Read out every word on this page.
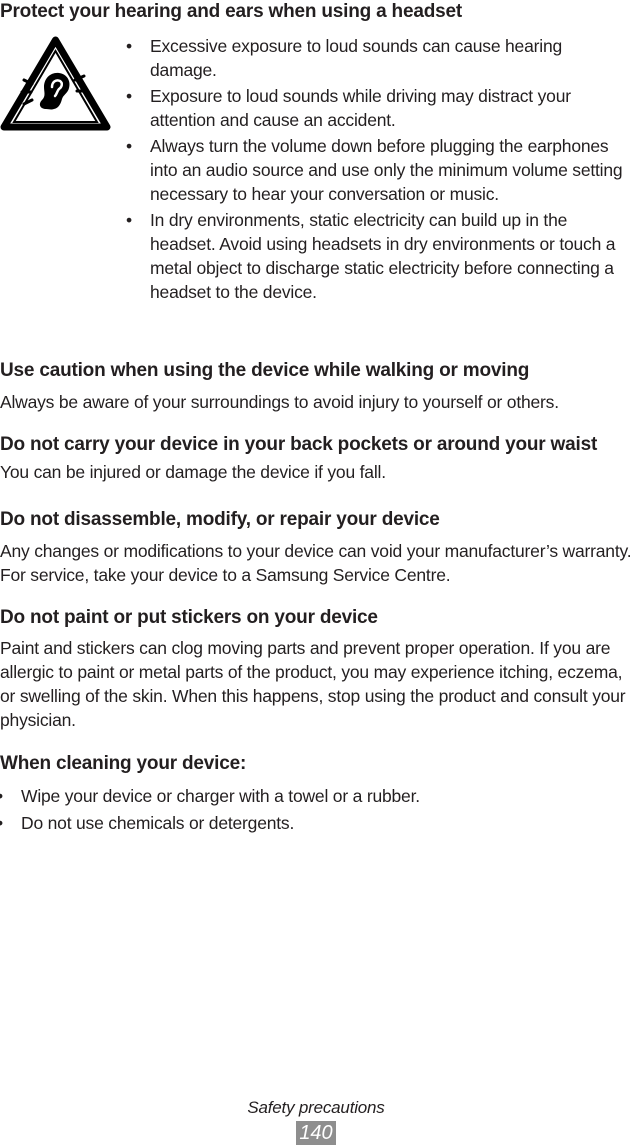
Protect your hearing and ears when using a headset
• Excessive exposure to loud sounds can cause hearing damage.
• Exposure to loud sounds while driving may distract your attention and cause an accident.
• Always turn the volume down before plugging the earphones into an audio source and use only the minimum volume setting necessary to hear your conversation or music.
• In dry environments, static electricity can build up in the headset. Avoid using headsets in dry environments or touch a metal object to discharge static electricity before connecting a headset to the device.
Use caution when using the device while walking or moving

Always be aware of your surroundings to avoid injury to yourself or others.

Do not carry your device in your back pockets or around your waist

You can be injured or damage the device if you fall.

Do not disassemble, modify, or repair your device

Any changes or modifications to your device can void your manufacturer’s warranty. For service, take your device to a Samsung Service Centre.

Do not paint or put stickers on your device

Paint and stickers can clog moving parts and prevent proper operation. If you are allergic to paint or metal parts of the product, you may experience itching, eczema, or swelling of the skin. When this happens, stop using the product and consult your physician.

When cleaning your device:
• Wipe your device or charger with a towel or a rubber.
• Do not use chemicals or detergents.
Safety precautions
140
